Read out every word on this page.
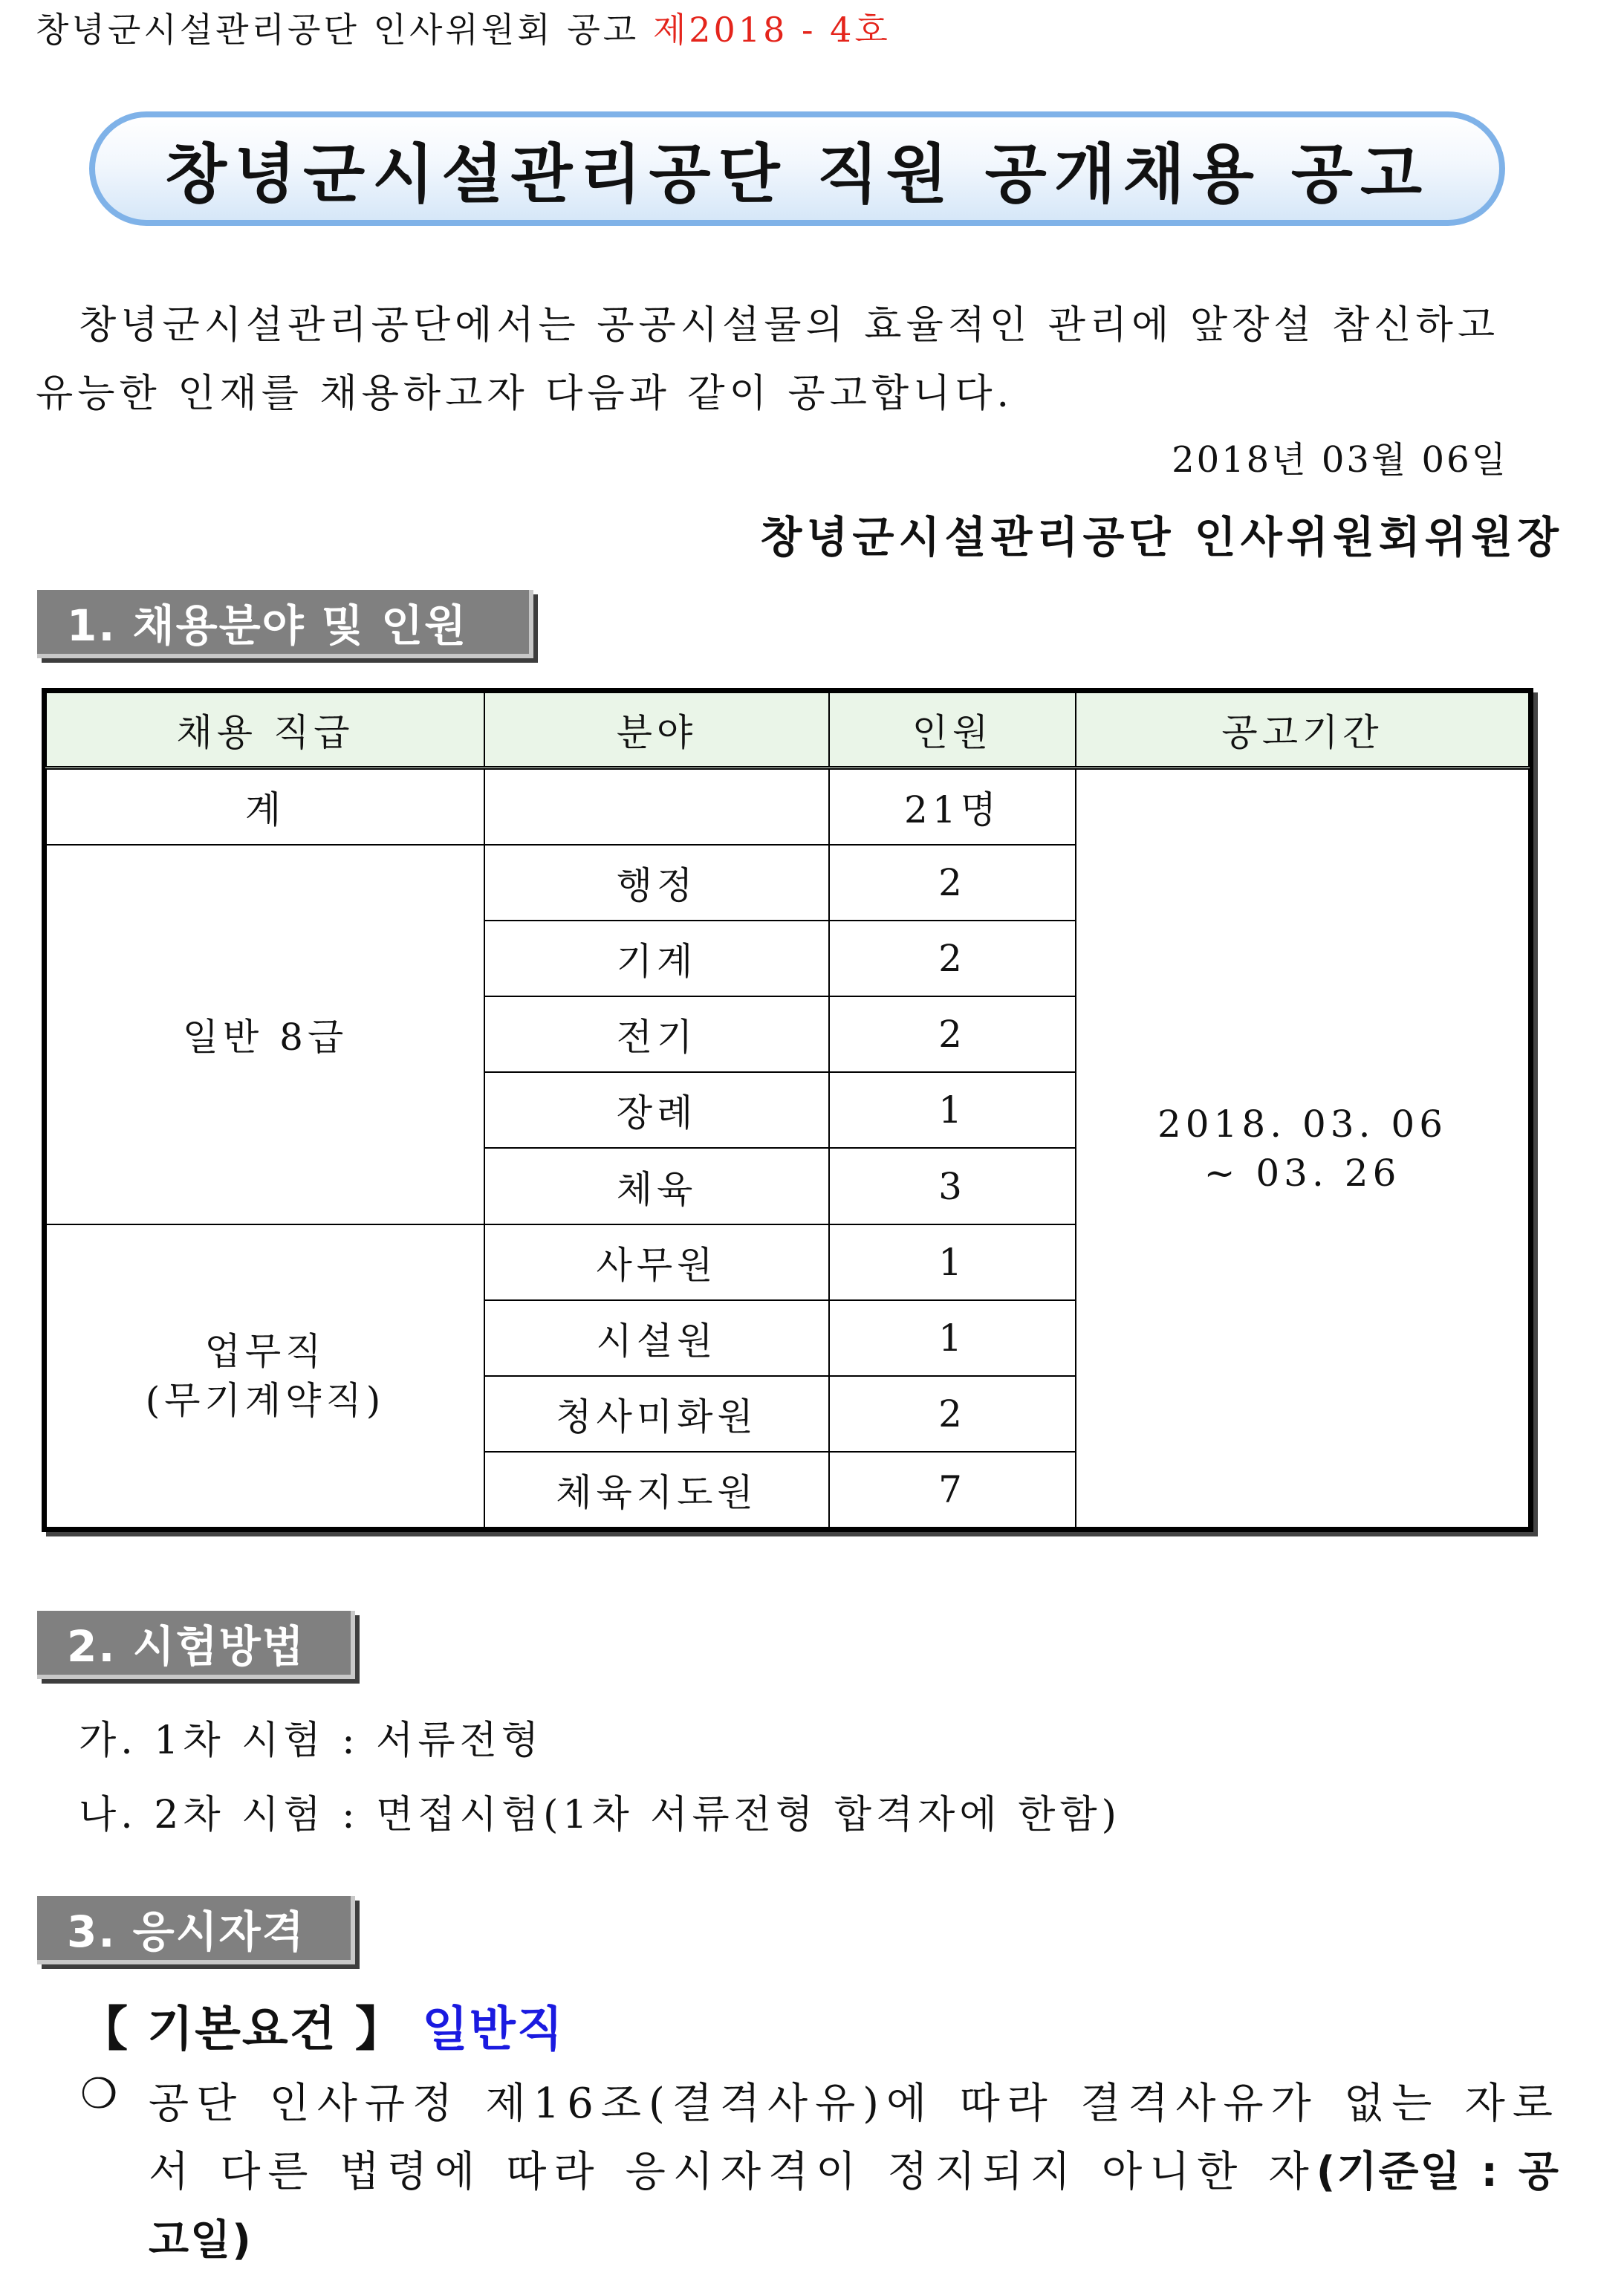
창녕군시설관리공단 인사위원회 공고 제2018 - 4호
창녕군시설관리공단 직원 공개채용 공고
창녕군시설관리공단에서는 공공시설물의 효율적인 관리에 앞장설 참신하고 유능한 인재를 채용하고자 다음과 같이 공고합니다.
2018년 03월 06일
창녕군시설관리공단 인사위원회위원장
1. 채용분야 및 인원
채용 직급	분야	인원	공고기간
계		21명	2018. 03. 06
~ 03. 26

일반 8급	행정	2	
	기계	2	
	전기	2	
	장례	1	
	체육	3	

업무직
(무기계약직)	사무원	1	
	시설원	1	
	청사미화원	2	
	체육지도원	7	
2. 시험방법
가. 1차 시험 : 서류전형
나. 2차 시험 : 면접시험(1차 서류전형 합격자에 한함)
3. 응시자격
【 기본요건 】 일반직
❍ 공단 인사규정 제16조(결격사유)에 따라 결격사유가 없는 자로서 다른 법령에 따라 응시자격이 정지되지 아니한 자(기준일 : 공고일)
